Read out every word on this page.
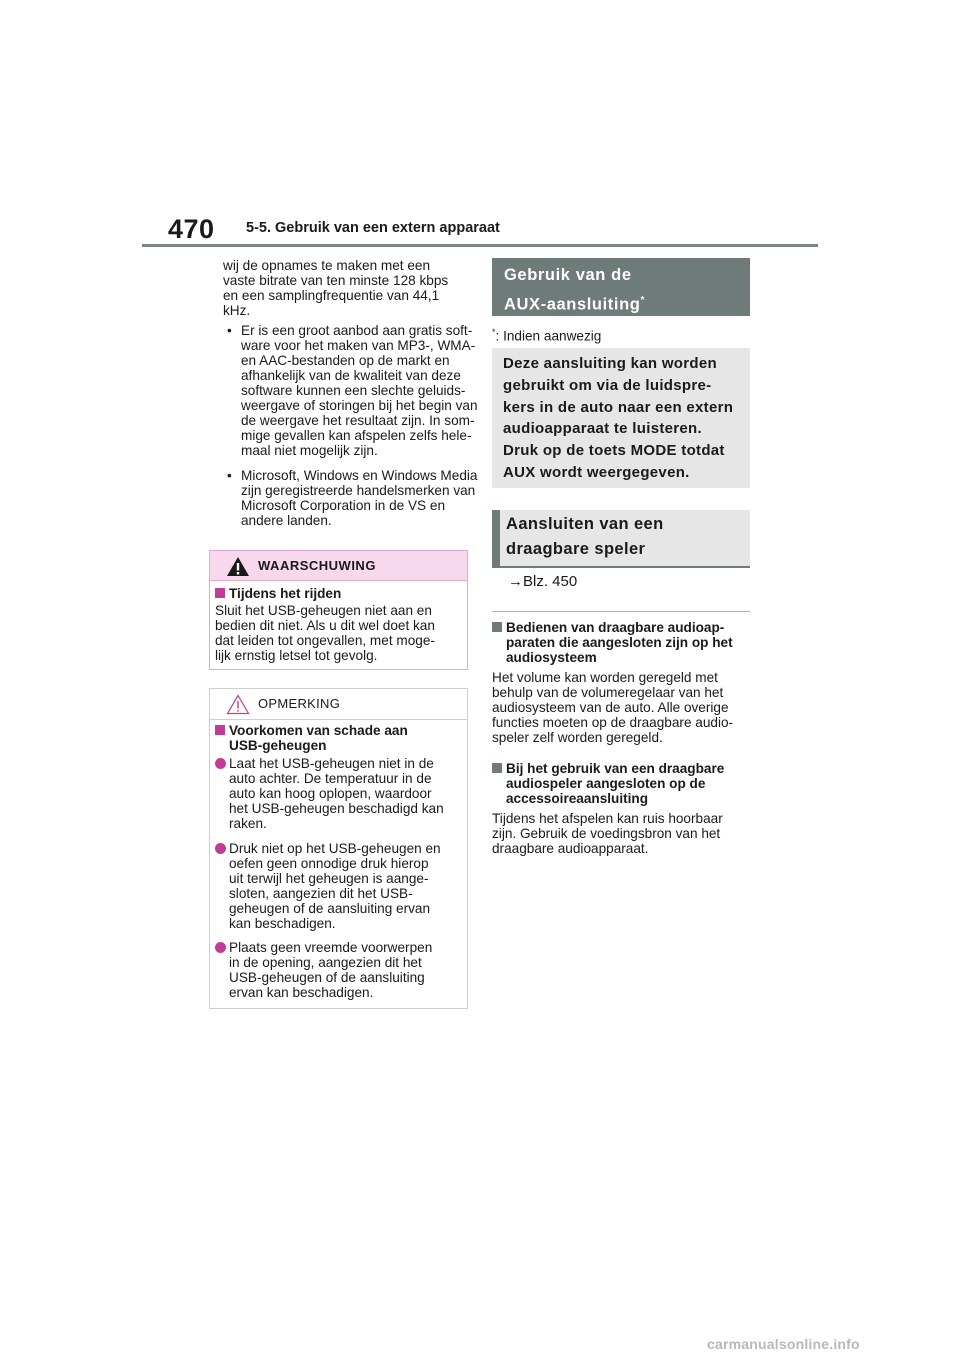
470 5-5. Gebruik van een extern apparaat
wij de opnames te maken met een
vaste bitrate van ten minste 128 kbps
en een samplingfrequentie van 44,1
kHz.
• Er is een groot aanbod aan gratis soft-
ware voor het maken van MP3-, WMA-
en AAC-bestanden op de markt en
afhankelijk van de kwaliteit van deze
software kunnen een slechte geluids-
weergave of storingen bij het begin van
de weergave het resultaat zijn. In som-
mige gevallen kan afspelen zelfs hele-
maal niet mogelijk zijn.
• Microsoft, Windows en Windows Media
zijn geregistreerde handelsmerken van
Microsoft Corporation in de VS en
andere landen.
WAARSCHUWING
Tijdens het rijden
Sluit het USB-geheugen niet aan en
bedien dit niet. Als u dit wel doet kan
dat leiden tot ongevallen, met moge-
lijk ernstig letsel tot gevolg.
OPMERKING
Voorkomen van schade aan
USB-geheugen
Laat het USB-geheugen niet in de
auto achter. De temperatuur in de
auto kan hoog oplopen, waardoor
het USB-geheugen beschadigd kan
raken.
Druk niet op het USB-geheugen en
oefen geen onnodige druk hierop
uit terwijl het geheugen is aange-
sloten, aangezien dit het USB-
geheugen of de aansluiting ervan
kan beschadigen.
Plaats geen vreemde voorwerpen
in de opening, aangezien dit het
USB-geheugen of de aansluiting
ervan kan beschadigen.
Gebruik van de
AUX-aansluiting*
*: Indien aanwezig
Deze aansluiting kan worden
gebruikt om via de luidspre-
kers in de auto naar een extern
audioapparaat te luisteren.
Druk op de toets MODE totdat
AUX wordt weergegeven.
Aansluiten van een
draagbare speler
→Blz. 450
Bedienen van draagbare audioap-
paraten die aangesloten zijn op het
audiosysteem
Het volume kan worden geregeld met
behulp van de volumeregelaar van het
audiosysteem van de auto. Alle overige
functies moeten op de draagbare audio-
speler zelf worden geregeld.
Bij het gebruik van een draagbare
audiospeler aangesloten op de
accessoireaansluiting
Tijdens het afspelen kan ruis hoorbaar
zijn. Gebruik de voedingsbron van het
draagbare audioapparaat.
carmanualsonline.info
